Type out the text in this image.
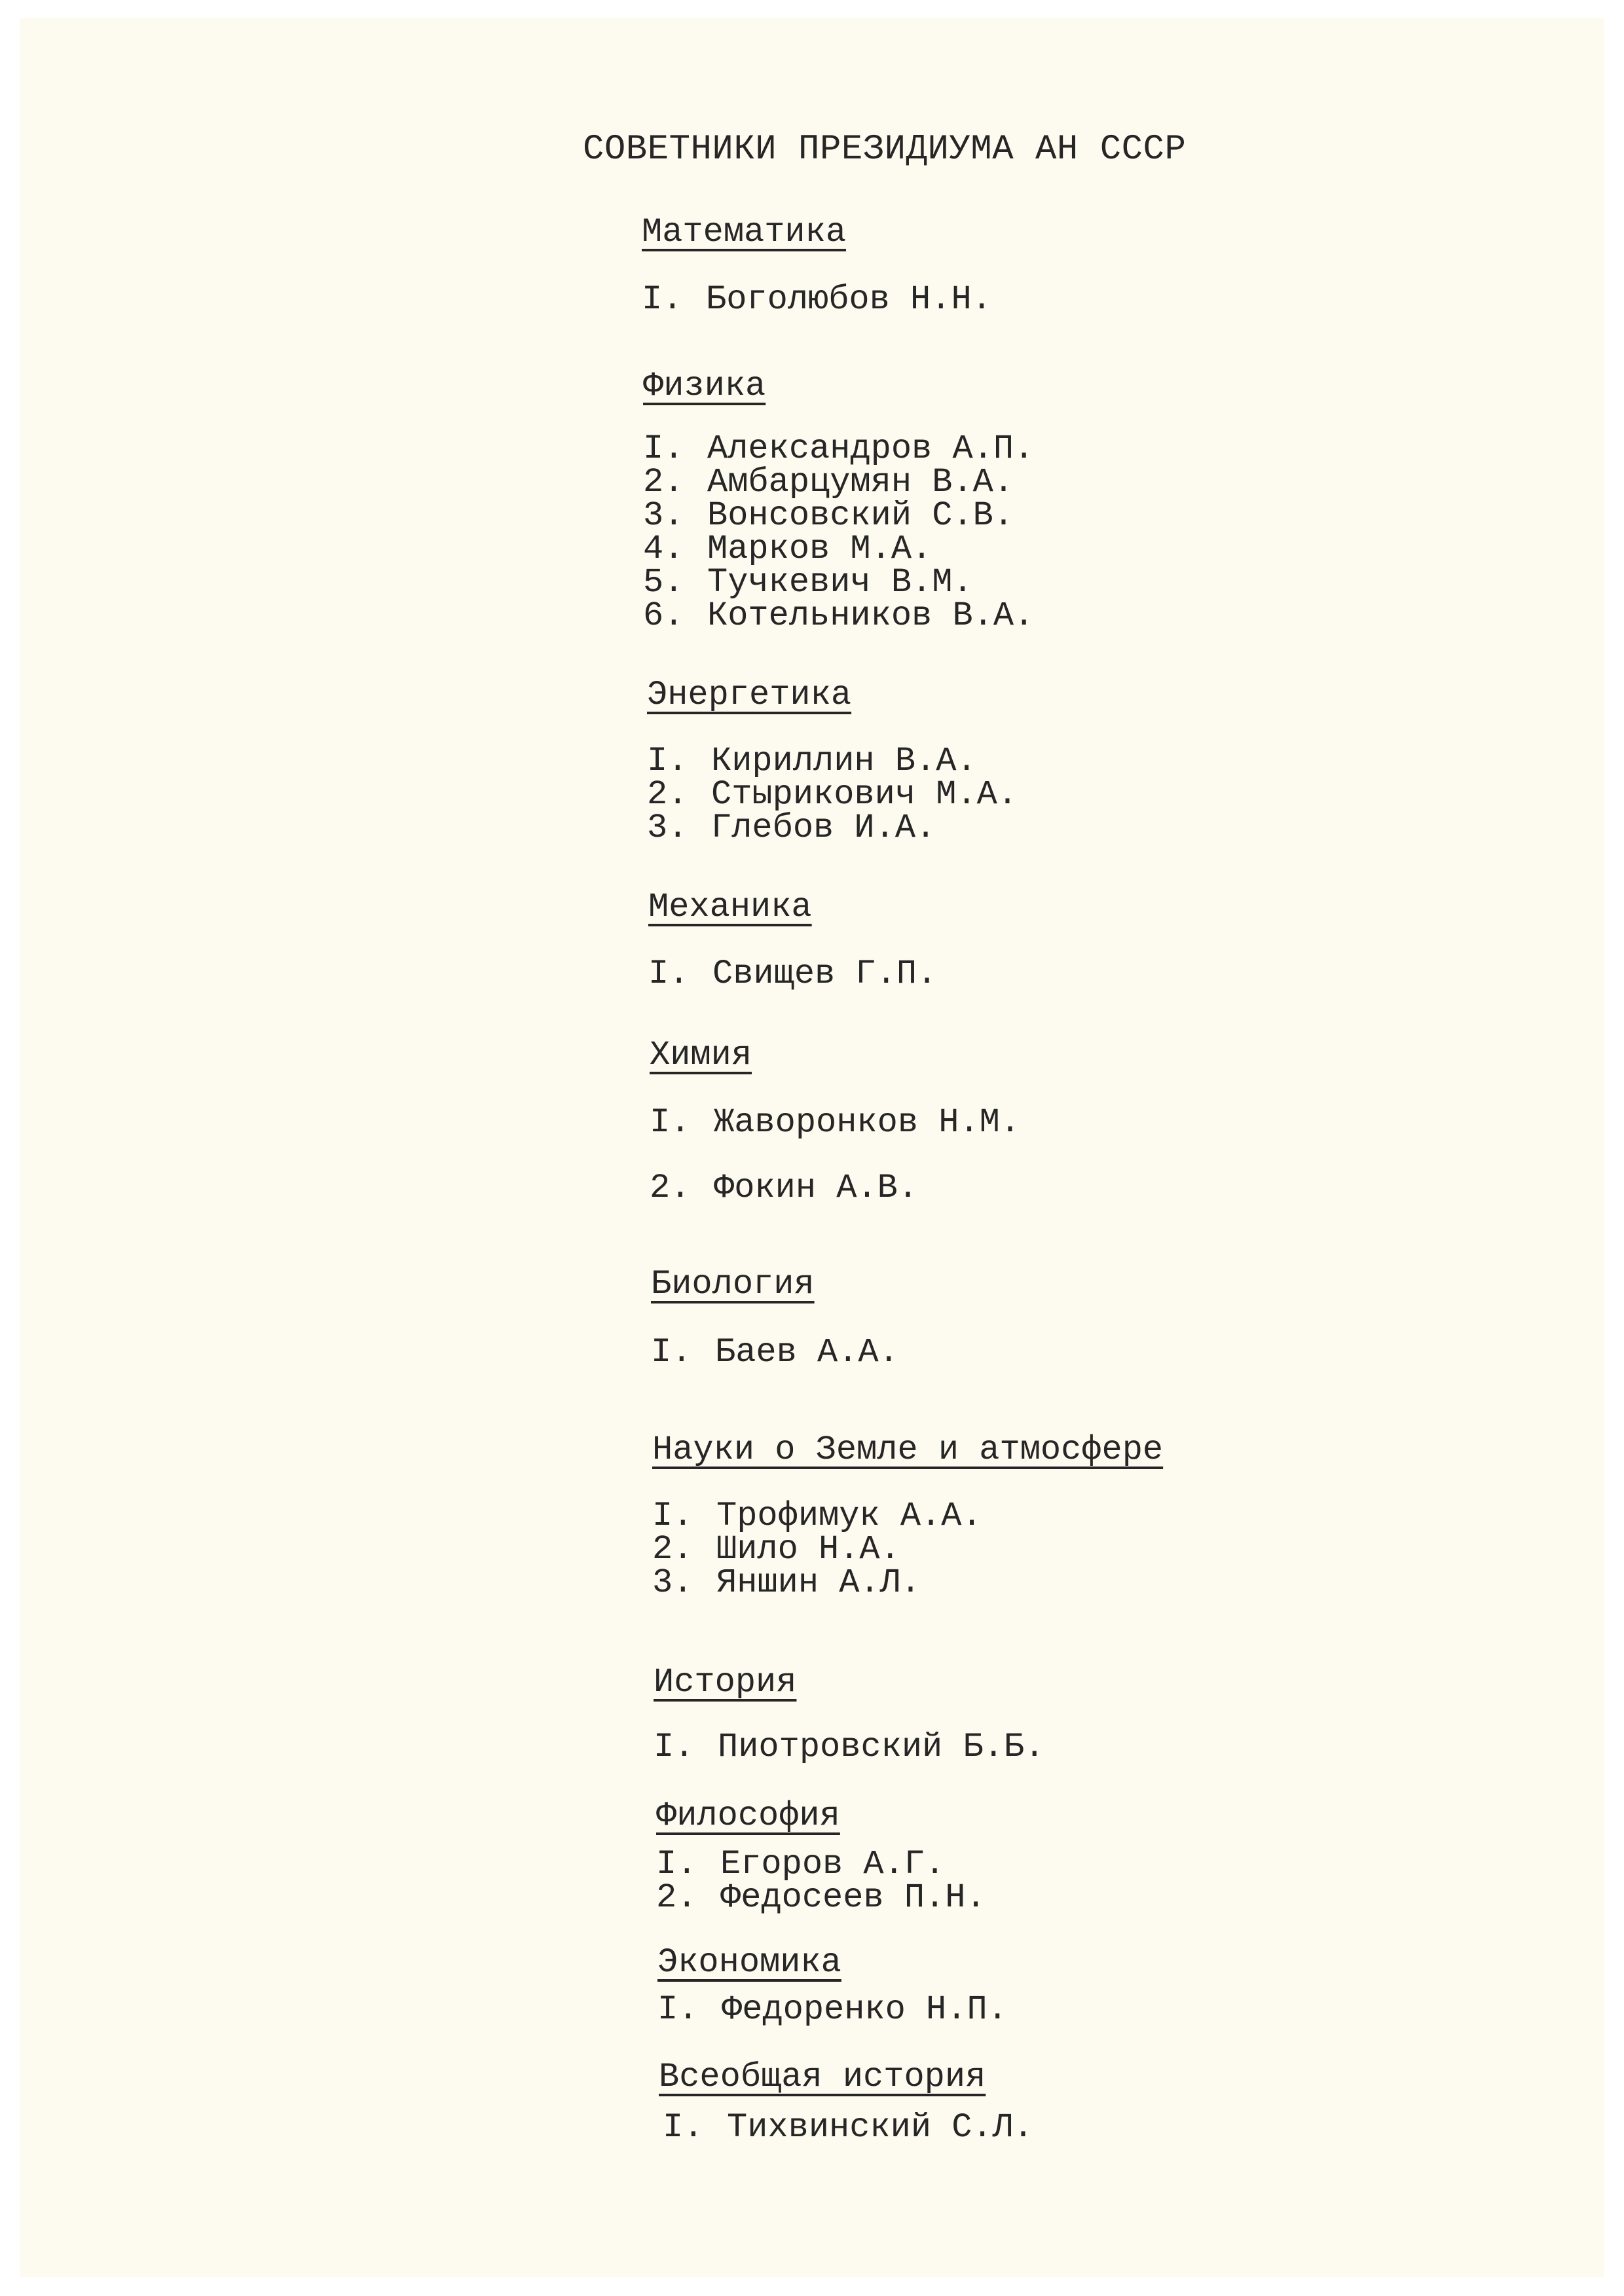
СОВЕТНИКИ ПРЕЗИДИУМА АН СССР
Математика
I. Боголюбов Н.Н.
Физика
I. Александров А.П.
2. Амбарцумян В.А.
3. Вонсовский С.В.
4. Марков М.А.
5. Тучкевич В.М.
6. Котельников В.А.
Энергетика
I. Кириллин В.А.
2. Стырикович М.А.
3. Глебов И.А.
Механика
I. Свищев Г.П.
Химия
I. Жаворонков Н.М.
2. Фокин А.В.
Биология
I. Баев А.А.
Науки о Земле и атмосфере
I. Трофимук А.А.
2. Шило Н.А.
3. Яншин А.Л.
История
I. Пиотровский Б.Б.
Философия
I. Егоров А.Г.
2. Федосеев П.Н.
Экономика
I. Федоренко Н.П.
Всеобщая история
I. Тихвинский С.Л.
